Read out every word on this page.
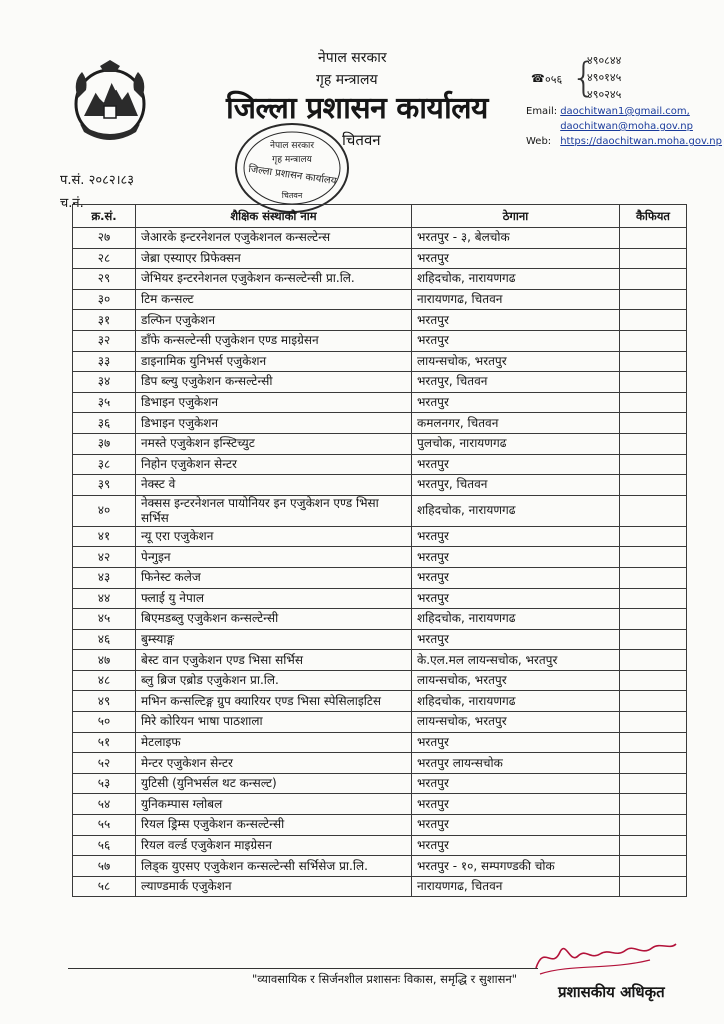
नेपाल सरकार
गृह मन्त्रालय
जिल्ला प्रशासन कार्यालय
चितवन
☎ ०५६ {
४९०८४४
४९०१४५
४९०२४५
Email: daochitwan1@gmail.com,
daochitwan@moha.gov.np
Web: https://daochitwan.moha.gov.np
नेपाल सरकार
गृह मन्त्रालय
जिल्ला प्रशासन कार्यालय
चितवन
प.सं. २०८२।८३
च.नं.
क्र.सं.	शैक्षिक संस्थाको नाम	ठेगाना	कैफियत
२७	जेआरके इन्टरनेशनल एजुकेशनल कन्सल्टेन्स	भरतपुर - ३, बेलचोक	
२८	जेब्रा एस्याएर प्रिफेक्सन	भरतपुर	
२९	जेभियर इन्टरनेशनल एजुकेशन कन्सल्टेन्सी प्रा.लि.	शहिदचोक, नारायणगढ	
३०	टिम कन्सल्ट	नारायणगढ, चितवन	
३१	डल्फिन एजुकेशन	भरतपुर	
३२	डाँफे कन्सल्टेन्सी एजुकेशन एण्ड माइग्रेसन	भरतपुर	
३३	डाइनामिक युनिभर्स एजुकेशन	लायन्सचोक, भरतपुर	
३४	डिप ब्ल्यु एजुकेशन कन्सल्टेन्सी	भरतपुर, चितवन	
३५	डिभाइन एजुकेशन	भरतपुर	
३६	डिभाइन एजुकेशन	कमलनगर, चितवन	
३७	नमस्ते एजुकेशन इन्स्टिच्युट	पुलचोक, नारायणगढ	
३८	निहोन एजुकेशन सेन्टर	भरतपुर	
३९	नेक्स्ट वे	भरतपुर, चितवन	
४०	नेक्सस इन्टरनेशनल पायोनियर इन एजुकेशन एण्ड भिसा सर्भिस	शहिदचोक, नारायणगढ	
४१	न्यू एरा एजुकेशन	भरतपुर	
४२	पेन्गुइन	भरतपुर	
४३	फिनेस्ट कलेज	भरतपुर	
४४	फ्लाई यु नेपाल	भरतपुर	
४५	बिएमडब्लु एजुकेशन कन्सल्टेन्सी	शहिदचोक, नारायणगढ	
४६	बुम्स्याङ्ग	भरतपुर	
४७	बेस्ट वान एजुकेशन एण्ड भिसा सर्भिस	के.एल.मल लायन्सचोक, भरतपुर	
४८	ब्लु ब्रिज एब्रोड एजुकेशन प्रा.लि.	लायन्सचोक, भरतपुर	
४९	मभिन कन्सल्टिङ्ग ग्रुप क्यारियर एण्ड भिसा स्पेसिलाइटिस	शहिदचोक, नारायणगढ	
५०	मिरे कोरियन भाषा पाठशाला	लायन्सचोक, भरतपुर	
५१	मेटलाइफ	भरतपुर	
५२	मेन्टर एजुकेशन सेन्टर	भरतपुर लायन्सचोक	
५३	युटिसी (युनिभर्सल थट कन्सल्ट)	भरतपुर	
५४	युनिकम्पास ग्लोबल	भरतपुर	
५५	रियल ड्रिम्स एजुकेशन कन्सल्टेन्सी	भरतपुर	
५६	रियल वर्ल्ड एजुकेशन माइग्रेसन	भरतपुर	
५७	लिड्क युएसए एजुकेशन कन्सल्टेन्सी सर्भिसेज प्रा.लि.	भरतपुर - १०, सम्पगण्डकी चोक	
५८	ल्याण्डमार्क एजुकेशन	नारायणगढ, चितवन	
"व्यावसायिक र सिर्जनशील प्रशासनः विकास, समृद्धि र सुशासन"
प्रशासकीय अधिकृत
